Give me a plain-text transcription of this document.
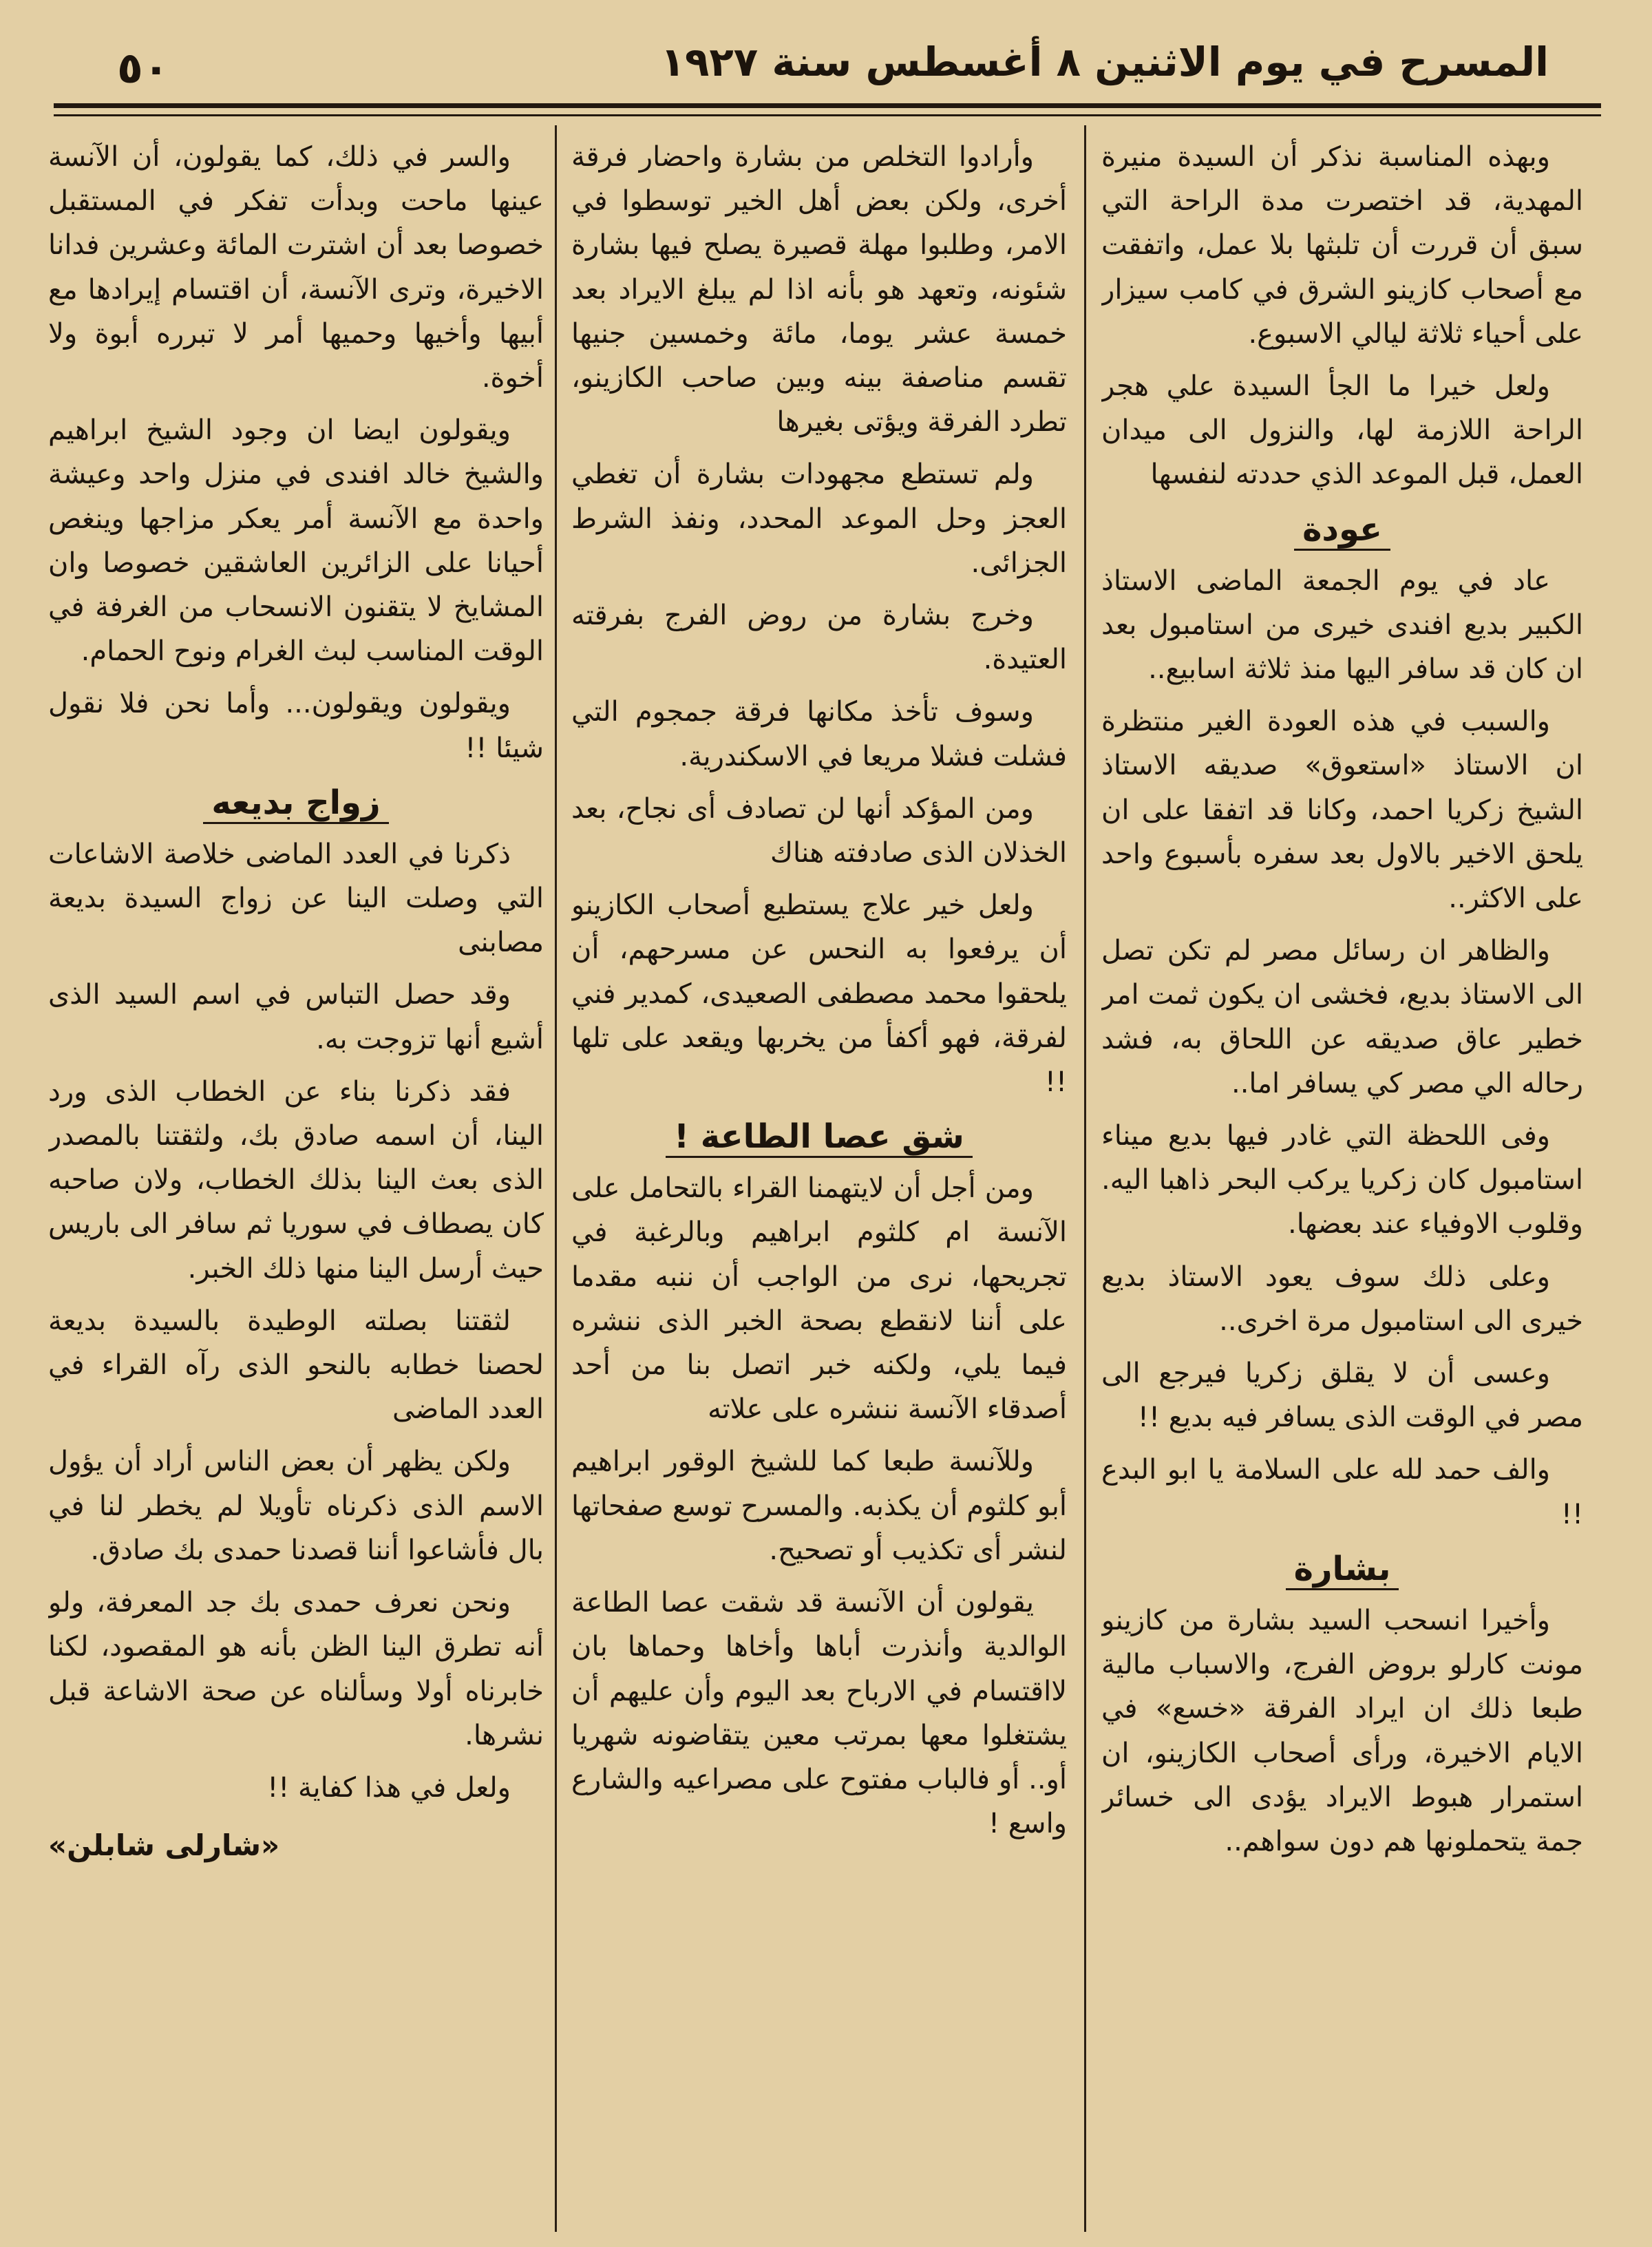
٥٠	المسرح في يوم الاثنين ٨ أغسطس سنة ١٩٢٧

وبهذه المناسبة نذكر أن السيدة منيرة المهدية، قد اختصرت مدة الراحة التي سبق أن قررت أن تلبثها بلا عمل، واتفقت مع أصحاب كازينو الشرق في كامب سيزار على أحياء ثلاثة ليالي الاسبوع.

ولعل خيرا ما الجأ السيدة علي هجر الراحة اللازمة لها، والنزول الى ميدان العمل، قبل الموعد الذي حددته لنفسها

عودة

عاد في يوم الجمعة الماضى الاستاذ الكبير بديع افندى خيرى من استامبول بعد ان كان قد سافر اليها منذ ثلاثة اسابيع..

والسبب في هذه العودة الغير منتظرة ان الاستاذ «استعوق» صديقه الاستاذ الشيخ زكريا احمد، وكانا قد اتفقا على ان يلحق الاخير بالاول بعد سفره بأسبوع واحد على الاكثر..

والظاهر ان رسائل مصر لم تكن تصل الى الاستاذ بديع، فخشى ان يكون ثمت امر خطير عاق صديقه عن اللحاق به، فشد رحاله الي مصر كي يسافر اما..

وفى اللحظة التي غادر فيها بديع ميناء استامبول كان زكريا يركب البحر ذاهبا اليه. وقلوب الاوفياء عند بعضها.

وعلى ذلك سوف يعود الاستاذ بديع خيرى الى استامبول مرة اخرى..

وعسى أن لا يقلق زكريا فيرجع الى مصر في الوقت الذى يسافر فيه بديع !!

والف حمد لله على السلامة يا ابو البدع !!

بشارة

وأخيرا انسحب السيد بشارة من كازينو مونت كارلو بروض الفرج، والاسباب مالية طبعا ذلك ان ايراد الفرقة «خسع» في الايام الاخيرة، ورأى أصحاب الكازينو، ان استمرار هبوط الايراد يؤدى الى خسائر جمة يتحملونها هم دون سواهم..

وأرادوا التخلص من بشارة واحضار فرقة أخرى، ولكن بعض أهل الخير توسطوا في الامر، وطلبوا مهلة قصيرة يصلح فيها بشارة شئونه، وتعهد هو بأنه اذا لم يبلغ الايراد بعد خمسة عشر يوما، مائة وخمسين جنيها تقسم مناصفة بينه وبين صاحب الكازينو، تطرد الفرقة ويؤتى بغيرها

ولم تستطع مجهودات بشارة أن تغطي العجز وحل الموعد المحدد، ونفذ الشرط الجزائى.

وخرج بشارة من روض الفرج بفرقته العتيدة.

وسوف تأخذ مكانها فرقة جمجوم التي فشلت فشلا مريعا في الاسكندرية.

ومن المؤكد أنها لن تصادف أى نجاح، بعد الخذلان الذى صادفته هناك

ولعل خير علاج يستطيع أصحاب الكازينو أن يرفعوا به النحس عن مسرحهم، أن يلحقوا محمد مصطفى الصعيدى، كمدير فني لفرقة، فهو أكفأ من يخربها ويقعد على تلها !!

شق عصا الطاعة !

ومن أجل أن لايتهمنا القراء بالتحامل على الآنسة ام كلثوم ابراهيم وبالرغبة في تجريحها، نرى من الواجب أن ننبه مقدما على أننا لانقطع بصحة الخبر الذى ننشره فيما يلي، ولكنه خبر اتصل بنا من أحد أصدقاء الآنسة ننشره على علاته

وللآنسة طبعا كما للشيخ الوقور ابراهيم أبو كلثوم أن يكذبه. والمسرح توسع صفحاتها لنشر أى تكذيب أو تصحيح.

يقولون أن الآنسة قد شقت عصا الطاعة الوالدية وأنذرت أباها وأخاها وحماها بان لااقتسام في الارباح بعد اليوم وأن عليهم أن يشتغلوا معها بمرتب معين يتقاضونه شهريا أو.. أو فالباب مفتوح على مصراعيه والشارع واسع !

والسر في ذلك، كما يقولون، أن الآنسة عينها ماحت وبدأت تفكر في المستقبل خصوصا بعد أن اشترت المائة وعشرين فدانا الاخيرة، وترى الآنسة، أن اقتسام إيرادها مع أبيها وأخيها وحميها أمر لا تبرره أبوة ولا أخوة.

ويقولون ايضا ان وجود الشيخ ابراهيم والشيخ خالد افندى في منزل واحد وعيشة واحدة مع الآنسة أمر يعكر مزاجها وينغص أحيانا على الزائرين العاشقين خصوصا وان المشايخ لا يتقنون الانسحاب من الغرفة في الوقت المناسب لبث الغرام ونوح الحمام.

ويقولون ويقولون... وأما نحن فلا نقول شيئا !!

زواج بديعه

ذكرنا في العدد الماضى خلاصة الاشاعات التي وصلت الينا عن زواج السيدة بديعة مصابنى

وقد حصل التباس في اسم السيد الذى أشيع أنها تزوجت به.

فقد ذكرنا بناء عن الخطاب الذى ورد الينا، أن اسمه صادق بك، ولثقتنا بالمصدر الذى بعث الينا بذلك الخطاب، ولان صاحبه كان يصطاف في سوريا ثم سافر الى باريس حيث أرسل الينا منها ذلك الخبر.

لثقتنا بصلته الوطيدة بالسيدة بديعة لحصنا خطابه بالنحو الذى رآه القراء في العدد الماضى

ولكن يظهر أن بعض الناس أراد أن يؤول الاسم الذى ذكرناه تأويلا لم يخطر لنا في بال فأشاعوا أننا قصدنا حمدى بك صادق.

ونحن نعرف حمدى بك جد المعرفة، ولو أنه تطرق الينا الظن بأنه هو المقصود، لكنا خابرناه أولا وسألناه عن صحة الاشاعة قبل نشرها.

ولعل في هذا كفاية !!

«شارلى شابلن»
